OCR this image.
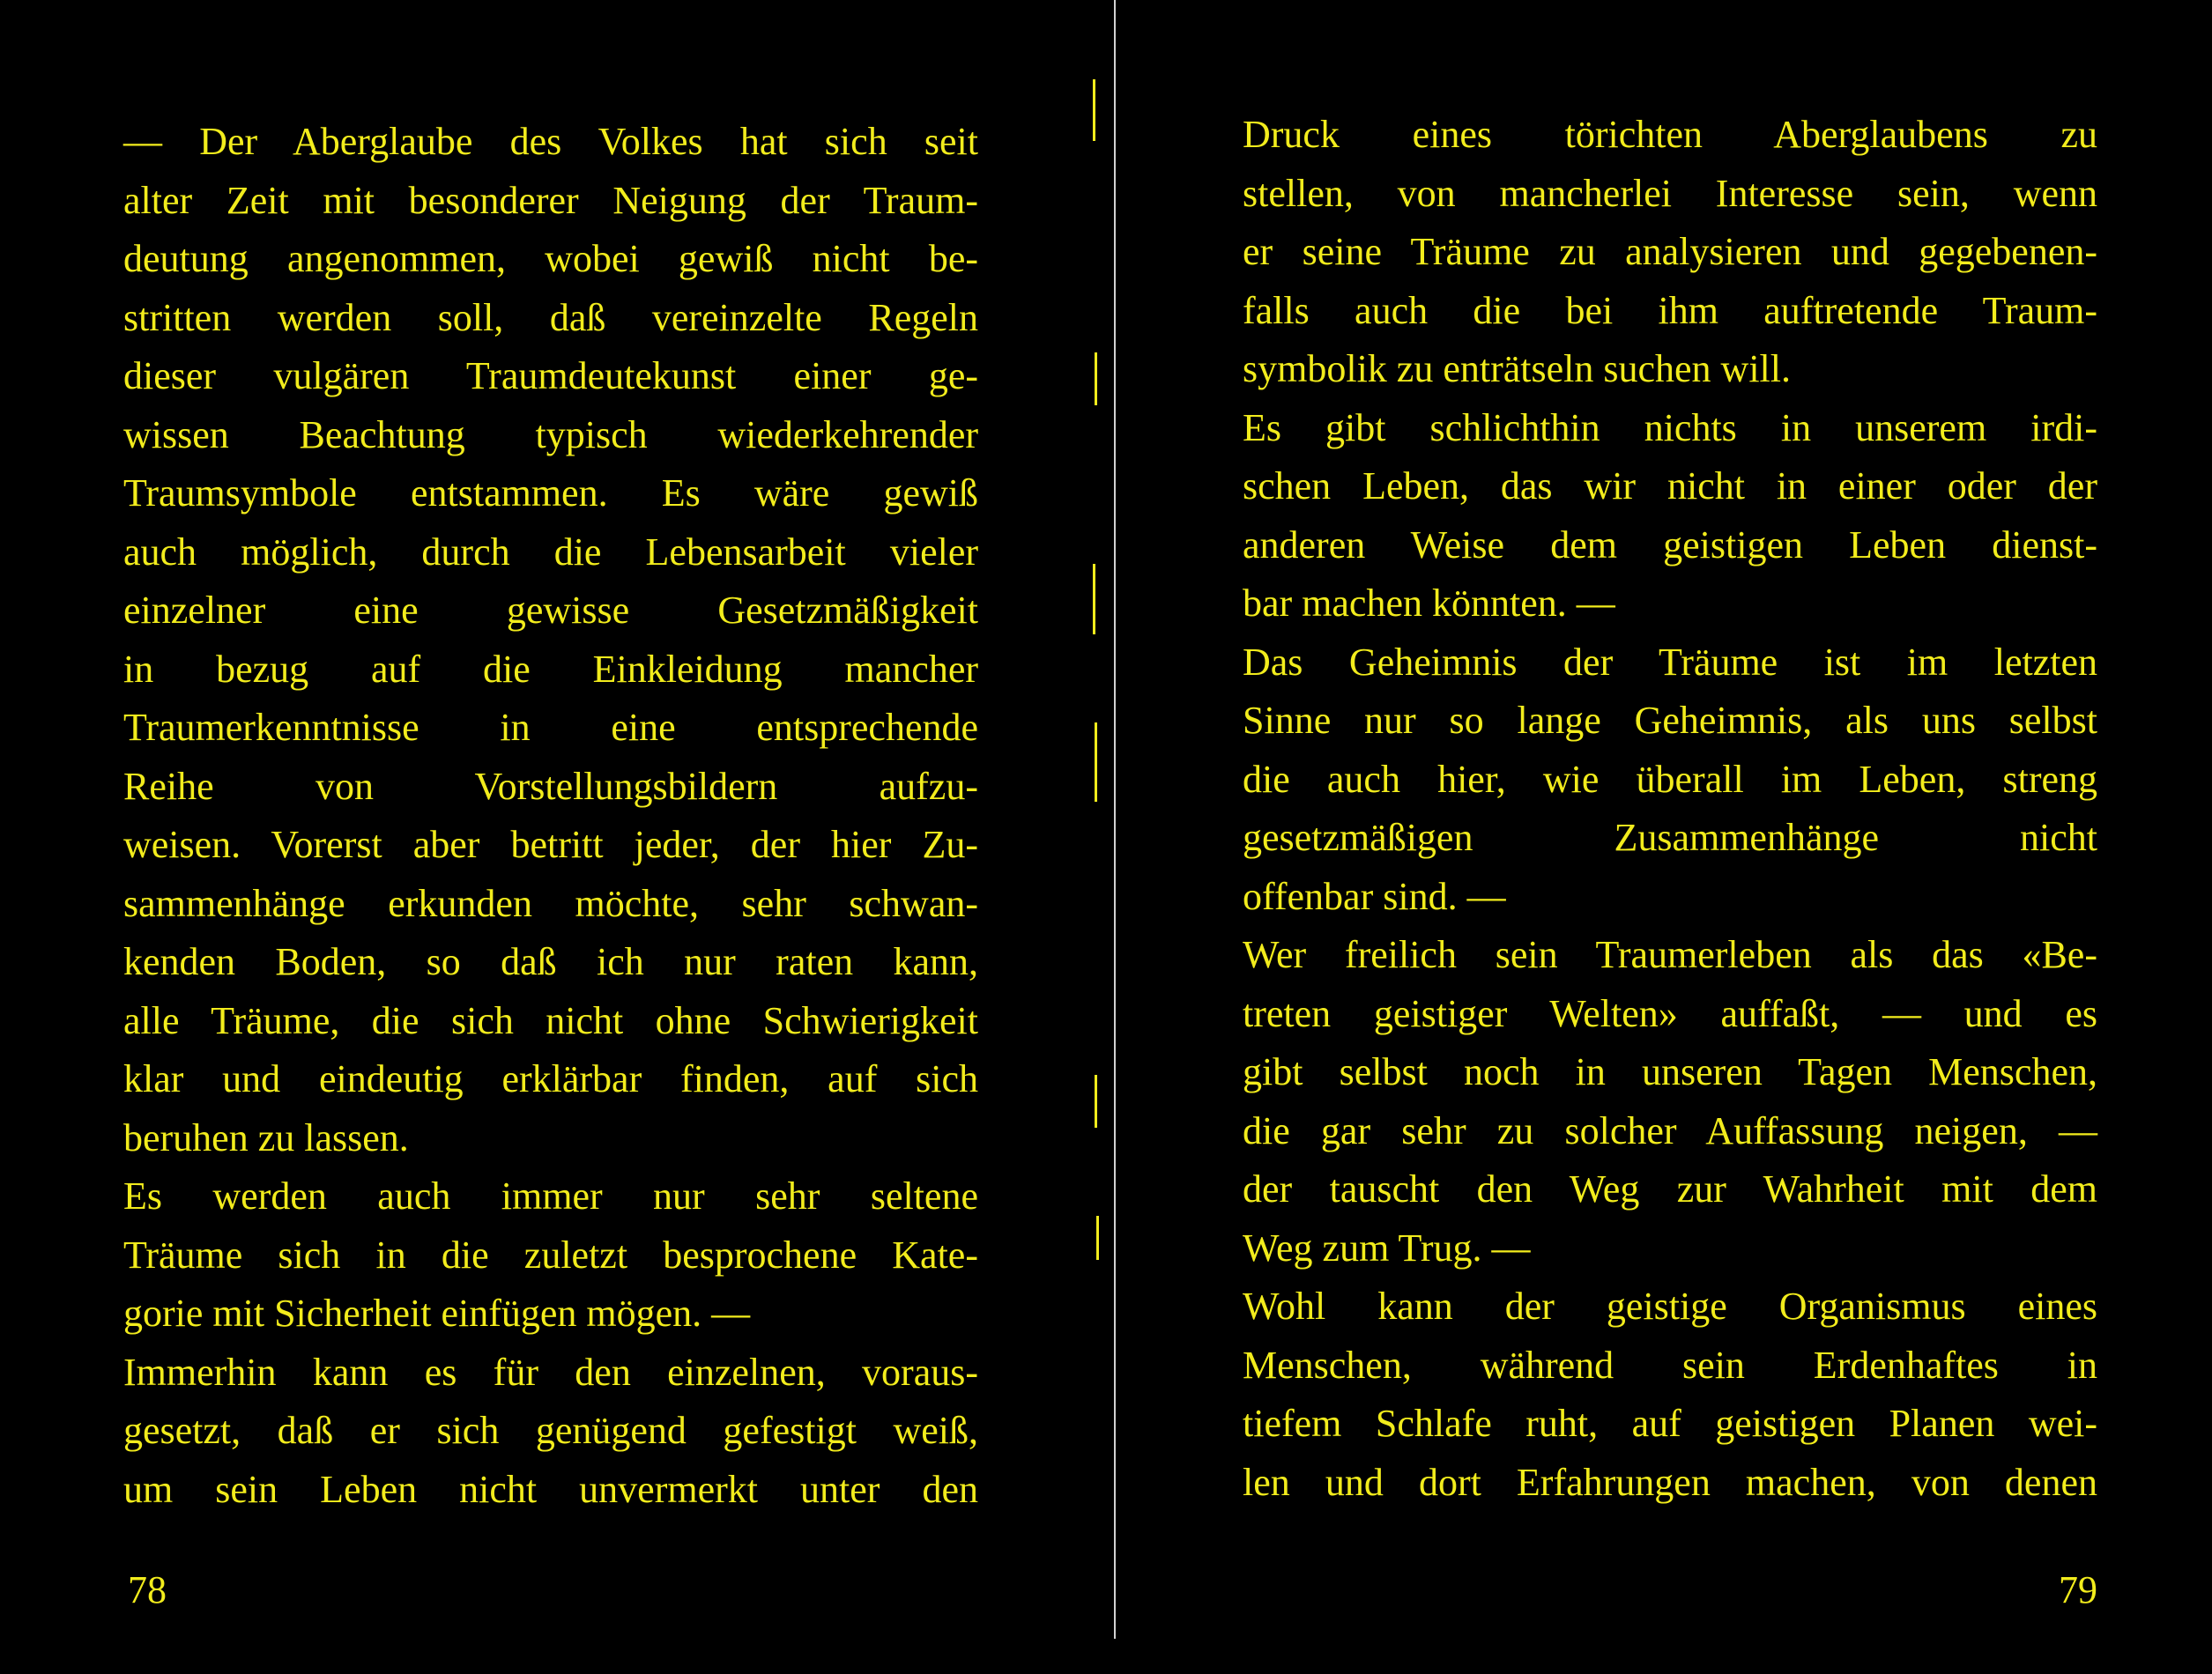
— Der Aberglaube des Volkes hat sich seit
alter Zeit mit besonderer Neigung der Traum-
deutung angenommen, wobei gewiß nicht be-
stritten werden soll, daß vereinzelte Regeln
dieser vulgären Traumdeutekunst einer ge-
wissen Beachtung typisch wiederkehrender
Traumsymbole entstammen. Es wäre gewiß
auch möglich, durch die Lebensarbeit vieler
einzelner eine gewisse Gesetzmäßigkeit
in bezug auf die Einkleidung mancher
Traumerkenntnisse in eine entsprechende
Reihe von Vorstellungsbildern aufzu-
weisen. Vorerst aber betritt jeder, der hier Zu-
sammenhänge erkunden möchte, sehr schwan-
kenden Boden, so daß ich nur raten kann,
alle Träume, die sich nicht ohne Schwierigkeit
klar und eindeutig erklärbar finden, auf sich
beruhen zu lassen.
Es werden auch immer nur sehr seltene
Träume sich in die zuletzt besprochene Kate-
gorie mit Sicherheit einfügen mögen. —
Immerhin kann es für den einzelnen, voraus-
gesetzt, daß er sich genügend gefestigt weiß,
um sein Leben nicht unvermerkt unter den
78
Druck eines törichten Aberglaubens zu
stellen, von mancherlei Interesse sein, wenn
er seine Träume zu analysieren und gegebenen-
falls auch die bei ihm auftretende Traum-
symbolik zu enträtseln suchen will.
Es gibt schlichthin nichts in unserem irdi-
schen Leben, das wir nicht in einer oder der
anderen Weise dem geistigen Leben dienst-
bar machen könnten. —
Das Geheimnis der Träume ist im letzten
Sinne nur so lange Geheimnis, als uns selbst
die auch hier, wie überall im Leben, streng
gesetzmäßigen Zusammenhänge nicht
offenbar sind. —
Wer freilich sein Traumerleben als das «Be-
treten geistiger Welten» auffaßt, — und es
gibt selbst noch in unseren Tagen Menschen,
die gar sehr zu solcher Auffassung neigen, —
der tauscht den Weg zur Wahrheit mit dem
Weg zum Trug. —
Wohl kann der geistige Organismus eines
Menschen, während sein Erdenhaftes in
tiefem Schlafe ruht, auf geistigen Planen wei-
len und dort Erfahrungen machen, von denen
79
